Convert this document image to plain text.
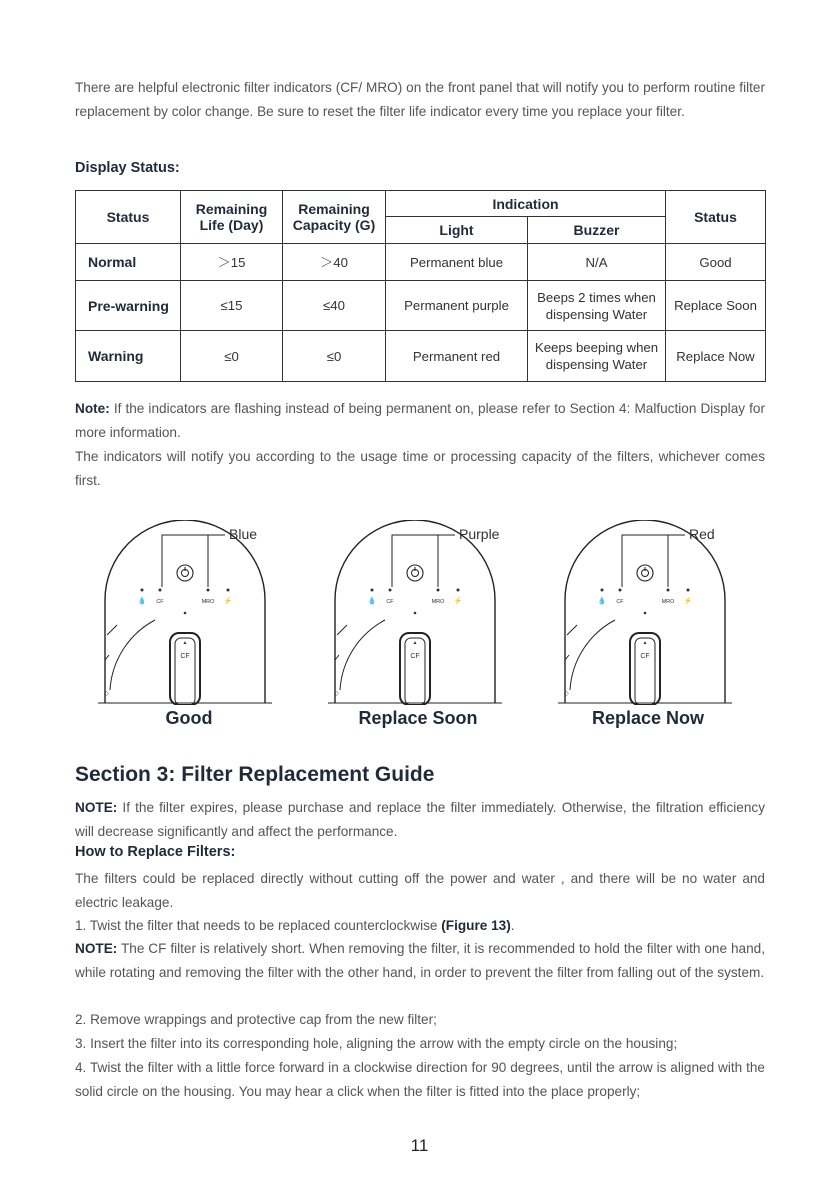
There are helpful electronic filter indicators (CF/ MRO) on the front panel that will notify you to perform routine filter replacement by color change. Be sure to reset the filter life indicator every time you replace your filter.
Display Status:
Status	Remaining Life (Day)	Remaining Capacity (G)	Indication		Status
			Light	Buzzer	
Normal	＞15	＞40	Permanent blue	N/A	Good
Pre-warning	≤15	≤40	Permanent purple	Beeps 2 times when dispensing Water	Replace Soon
Warning	≤0	≤0	Permanent red	Keeps beeping when dispensing Water	Replace Now
Note: If the indicators are flashing instead of being permanent on, please refer to Section 4: Malfuction Display for more information.
The indicators will notify you according to the usage time or processing capacity of the filters, whichever comes first.
💧 CF	MRO ⚡
◇
▲
CF
Blue
💧 CF	MRO ⚡
◇
▲
CF
Purple
💧 CF	MRO ⚡
◇
▲
CF
Red
Good	Replace Soon	Replace Now
Section 3: Filter Replacement Guide
NOTE: If the filter expires, please purchase and replace the filter immediately. Otherwise, the filtration efficiency will decrease significantly and affect the performance.
How to Replace Filters:
The filters could be replaced directly without cutting off the power and water , and there will be no water and electric leakage.
1. Twist the filter that needs to be replaced counterclockwise (Figure 13).
NOTE: The CF filter is relatively short. When removing the filter, it is recommended to hold the filter with one hand, while rotating and removing the filter with the other hand, in order to prevent the filter from falling out of the system.
2. Remove wrappings and protective cap from the new filter;
3. Insert the filter into its corresponding hole, aligning the arrow with the empty circle on the housing;
4. Twist the filter with a little force forward in a clockwise direction for 90 degrees, until the arrow is aligned with the solid circle on the housing. You may hear a click when the filter is fitted into the place properly;
11
